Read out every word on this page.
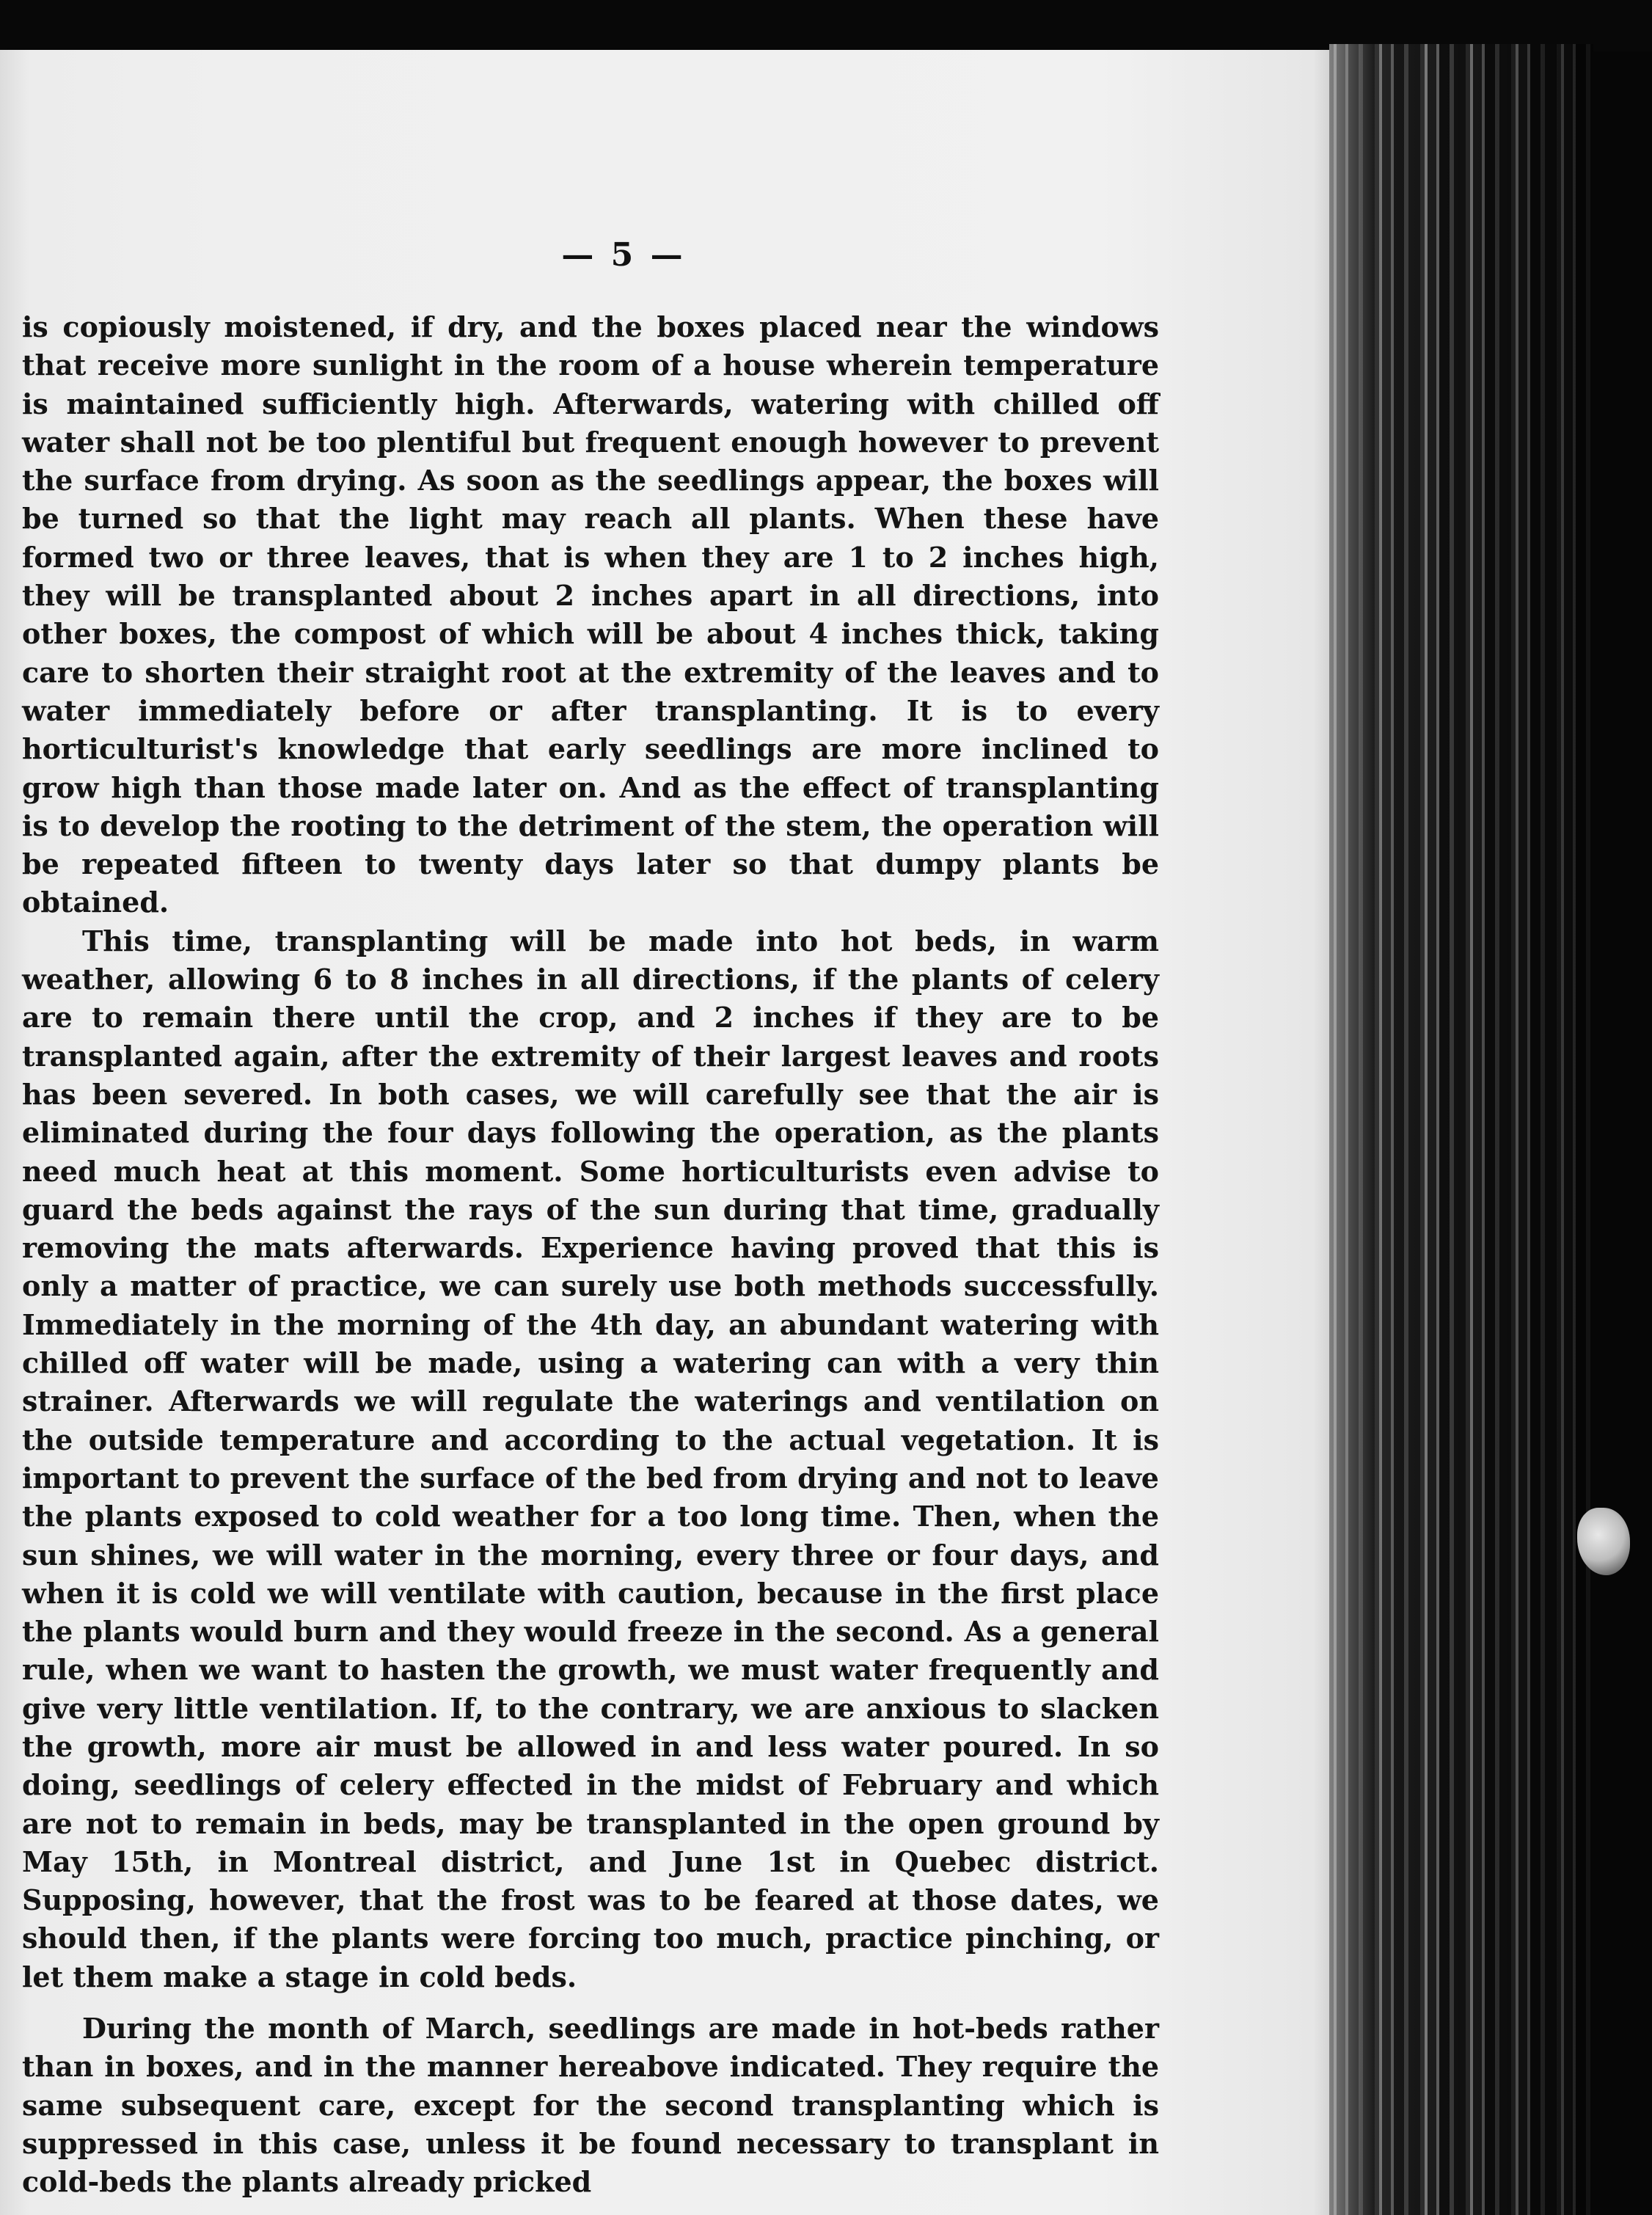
— 5 —

is copiously moistened, if dry, and the boxes placed near the windows that receive more sunlight in the room of a house wherein temperature is maintained sufficiently high. Afterwards, watering with chilled off water shall not be too plentiful but frequent enough however to prevent the surface from drying. As soon as the seedlings appear, the boxes will be turned so that the light may reach all plants. When these have formed two or three leaves, that is when they are 1 to 2 inches high, they will be transplanted about 2 inches apart in all directions, into other boxes, the compost of which will be about 4 inches thick, taking care to shorten their straight root at the extremity of the leaves and to water immediately before or after transplanting. It is to every horticulturist's knowledge that early seedlings are more inclined to grow high than those made later on. And as the effect of transplanting is to develop the rooting to the detriment of the stem, the operation will be repeated fifteen to twenty days later so that dumpy plants be obtained.

This time, transplanting will be made into hot beds, in warm weather, allowing 6 to 8 inches in all directions, if the plants of celery are to remain there until the crop, and 2 inches if they are to be transplanted again, after the extremity of their largest leaves and roots has been severed. In both cases, we will carefully see that the air is eliminated during the four days following the operation, as the plants need much heat at this moment. Some horticulturists even advise to guard the beds against the rays of the sun during that time, gradually removing the mats afterwards. Experience having proved that this is only a matter of practice, we can surely use both methods successfully. Immediately in the morning of the 4th day, an abundant watering with chilled off water will be made, using a watering can with a very thin strainer. Afterwards we will regulate the waterings and ventilation on the outside temperature and according to the actual vegetation. It is important to prevent the surface of the bed from drying and not to leave the plants exposed to cold weather for a too long time. Then, when the sun shines, we will water in the morning, every three or four days, and when it is cold we will ventilate with caution, because in the first place the plants would burn and they would freeze in the second. As a general rule, when we want to hasten the growth, we must water frequently and give very little ventilation. If, to the contrary, we are anxious to slacken the growth, more air must be allowed in and less water poured. In so doing, seedlings of celery effected in the midst of February and which are not to remain in beds, may be transplanted in the open ground by May 15th, in Montreal district, and June 1st in Quebec district. Supposing, however, that the frost was to be feared at those dates, we should then, if the plants were forcing too much, practice pinching, or let them make a stage in cold beds.

During the month of March, seedlings are made in hot-beds rather than in boxes, and in the manner hereabove indicated. They require the same subsequent care, except for the second transplanting which is suppressed in this case, unless it be found necessary to transplant in cold-beds the plants already pricked
